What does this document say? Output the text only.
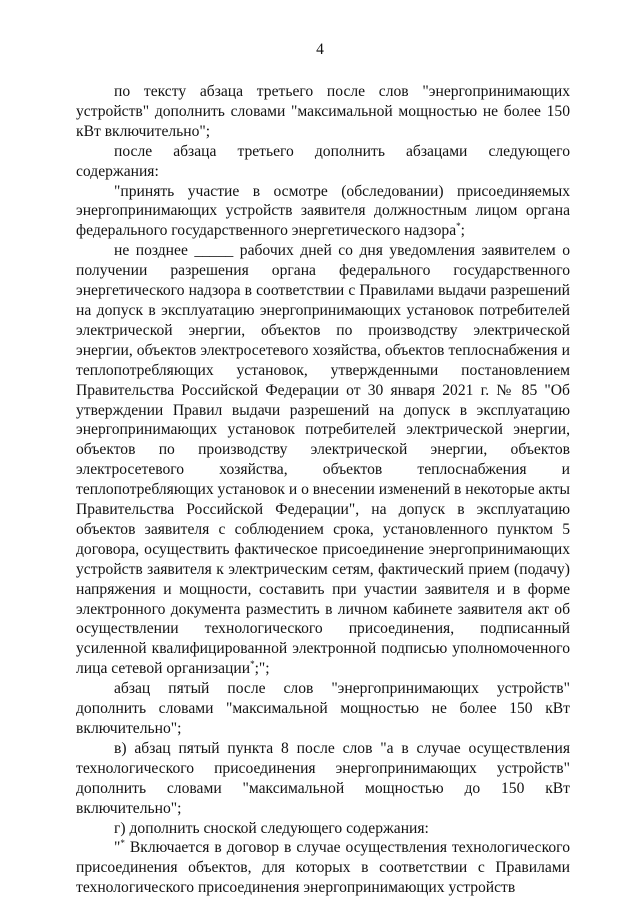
4

по тексту абзаца третьего после слов "энергопринимающих устройств" дополнить словами "максимальной мощностью не более 150 кВт включительно";

после абзаца третьего дополнить абзацами следующего содержания:

"принять участие в осмотре (обследовании) присоединяемых энергопринимающих устройств заявителя должностным лицом органа федерального государственного энергетического надзора*;

не позднее _____ рабочих дней со дня уведомления заявителем о получении разрешения органа федерального государственного энергетического надзора в соответствии с Правилами выдачи разрешений на допуск в эксплуатацию энергопринимающих установок потребителей электрической энергии, объектов по производству электрической энергии, объектов электросетевого хозяйства, объектов теплоснабжения и теплопотребляющих установок, утвержденными постановлением Правительства Российской Федерации от 30 января 2021 г. № 85 "Об утверждении Правил выдачи разрешений на допуск в эксплуатацию энергопринимающих установок потребителей электрической энергии, объектов по производству электрической энергии, объектов электросетевого хозяйства, объектов теплоснабжения и теплопотребляющих установок и о внесении изменений в некоторые акты Правительства Российской Федерации", на допуск в эксплуатацию объектов заявителя с соблюдением срока, установленного пунктом 5 договора, осуществить фактическое присоединение энергопринимающих устройств заявителя к электрическим сетям, фактический прием (подачу) напряжения и мощности, составить при участии заявителя и в форме электронного документа разместить в личном кабинете заявителя акт об осуществлении технологического присоединения, подписанный усиленной квалифицированной электронной подписью уполномоченного лица сетевой организации*;";

абзац пятый после слов "энергопринимающих устройств" дополнить словами "максимальной мощностью не более 150 кВт включительно";

в) абзац пятый пункта 8 после слов "а в случае осуществления технологического присоединения энергопринимающих устройств" дополнить словами "максимальной мощностью до 150 кВт включительно";

г) дополнить сноской следующего содержания:

"* Включается в договор в случае осуществления технологического присоединения объектов, для которых в соответствии с Правилами технологического присоединения энергопринимающих устройств
